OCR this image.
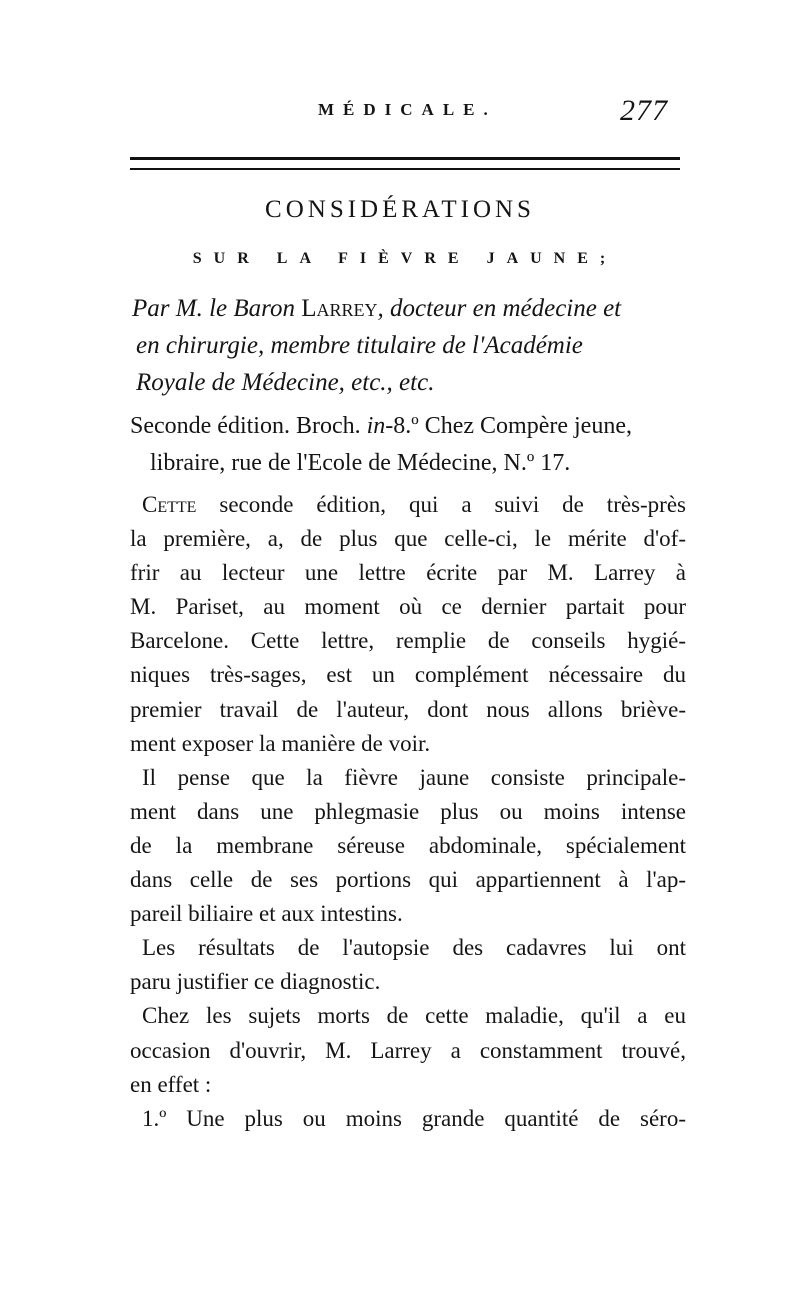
MÉDICALE.	277
CONSIDÉRATIONS
SUR LA FIÈVRE JAUNE;
Par M. le Baron Larrey, docteur en médecine et
en chirurgie, membre titulaire de l'Académie
Royale de Médecine, etc., etc.
Seconde édition. Broch. in-8.º Chez Compère jeune,
libraire, rue de l'Ecole de Médecine, N.º 17.
Cette seconde édition, qui a suivi de très-près
la première, a, de plus que celle-ci, le mérite d'of-
frir au lecteur une lettre écrite par M. Larrey à
M. Pariset, au moment où ce dernier partait pour
Barcelone. Cette lettre, remplie de conseils hygié-
niques très-sages, est un complément nécessaire du
premier travail de l'auteur, dont nous allons briève-
ment exposer la manière de voir.
Il pense que la fièvre jaune consiste principale-
ment dans une phlegmasie plus ou moins intense
de la membrane séreuse abdominale, spécialement
dans celle de ses portions qui appartiennent à l'ap-
pareil biliaire et aux intestins.
Les résultats de l'autopsie des cadavres lui ont
paru justifier ce diagnostic.
Chez les sujets morts de cette maladie, qu'il a eu
occasion d'ouvrir, M. Larrey a constamment trouvé,
en effet :
1.º Une plus ou moins grande quantité de séro-
